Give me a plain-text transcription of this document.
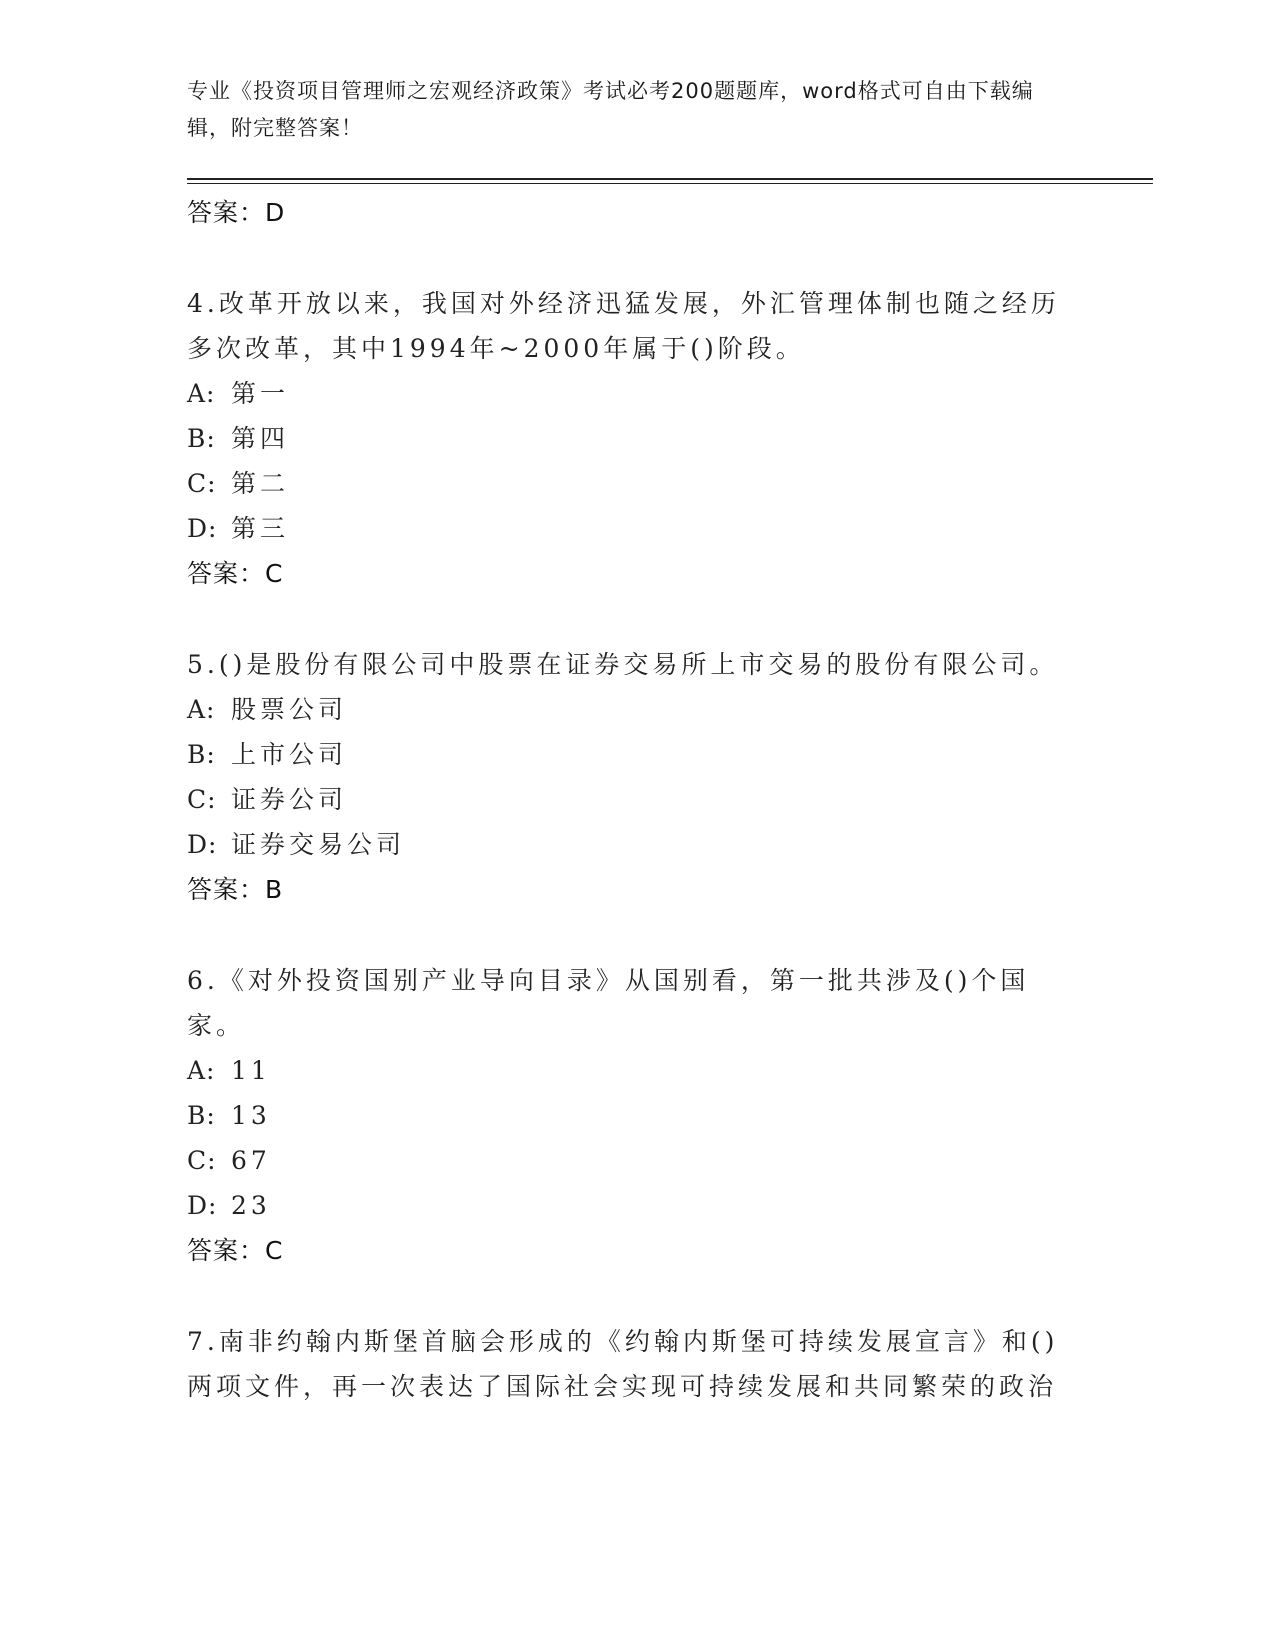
专业《投资项目管理师之宏观经济政策》考试必考200题题库，word格式可自由下载编辑，附完整答案！
答案：D
4.改革开放以来，我国对外经济迅猛发展，外汇管理体制也随之经历多次改革，其中1994年~2000年属于()阶段。
A: 第一
B: 第四
C: 第二
D: 第三
答案：C
5.()是股份有限公司中股票在证券交易所上市交易的股份有限公司。
A: 股票公司
B: 上市公司
C: 证券公司
D: 证券交易公司
答案：B
6.《对外投资国别产业导向目录》从国别看，第一批共涉及()个国家。
A: 11
B: 13
C: 67
D: 23
答案：C
7.南非约翰内斯堡首脑会形成的《约翰内斯堡可持续发展宣言》和()两项文件，再一次表达了国际社会实现可持续发展和共同繁荣的政治
